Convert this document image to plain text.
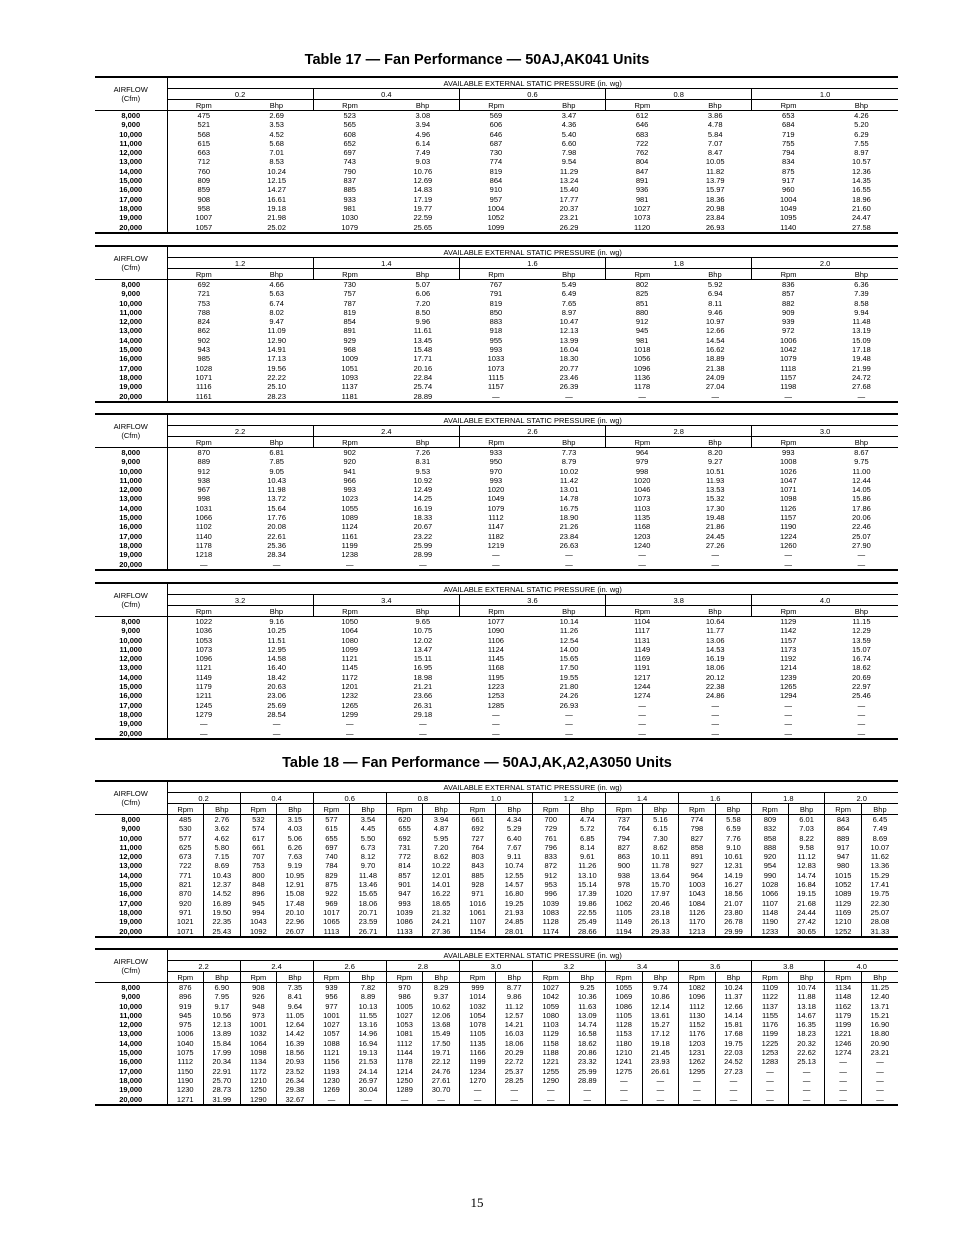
Table 17 — Fan Performance — 50AJ,AK041 Units
AIRFLOW
(Cfm)	AVAILABLE EXTERNAL STATIC PRESSURE (in. wg)									
	0.2		0.4		0.6		0.8		1.0	
	Rpm	Bhp	Rpm	Bhp	Rpm	Bhp	Rpm	Bhp	Rpm	Bhp
8,000	475	2.69	523	3.08	569	3.47	612	3.86	653	4.26
9,000	521	3.53	565	3.94	606	4.36	646	4.78	684	5.20
10,000	568	4.52	608	4.96	646	5.40	683	5.84	719	6.29
11,000	615	5.68	652	6.14	687	6.60	722	7.07	755	7.55
12,000	663	7.01	697	7.49	730	7.98	762	8.47	794	8.97
13,000	712	8.53	743	9.03	774	9.54	804	10.05	834	10.57
14,000	760	10.24	790	10.76	819	11.29	847	11.82	875	12.36
15,000	809	12.15	837	12.69	864	13.24	891	13.79	917	14.35
16,000	859	14.27	885	14.83	910	15.40	936	15.97	960	16.55
17,000	908	16.61	933	17.19	957	17.77	981	18.36	1004	18.96
18,000	958	19.18	981	19.77	1004	20.37	1027	20.98	1049	21.60
19,000	1007	21.98	1030	22.59	1052	23.21	1073	23.84	1095	24.47
20,000	1057	25.02	1079	25.65	1099	26.29	1120	26.93	1140	27.58
AIRFLOW
(Cfm)	AVAILABLE EXTERNAL STATIC PRESSURE (in. wg)									
	1.2		1.4		1.6		1.8		2.0	
	Rpm	Bhp	Rpm	Bhp	Rpm	Bhp	Rpm	Bhp	Rpm	Bhp
8,000	692	4.66	730	5.07	767	5.49	802	5.92	836	6.36
9,000	721	5.63	757	6.06	791	6.49	825	6.94	857	7.39
10,000	753	6.74	787	7.20	819	7.65	851	8.11	882	8.58
11,000	788	8.02	819	8.50	850	8.97	880	9.46	909	9.94
12,000	824	9.47	854	9.96	883	10.47	912	10.97	939	11.48
13,000	862	11.09	891	11.61	918	12.13	945	12.66	972	13.19
14,000	902	12.90	929	13.45	955	13.99	981	14.54	1006	15.09
15,000	943	14.91	968	15.48	993	16.04	1018	16.62	1042	17.18
16,000	985	17.13	1009	17.71	1033	18.30	1056	18.89	1079	19.48
17,000	1028	19.56	1051	20.16	1073	20.77	1096	21.38	1118	21.99
18,000	1071	22.22	1093	22.84	1115	23.46	1136	24.09	1157	24.72
19,000	1116	25.10	1137	25.74	1157	26.39	1178	27.04	1198	27.68
20,000	1161	28.23	1181	28.89	—	—	—	—	—	—
AIRFLOW
(Cfm)	AVAILABLE EXTERNAL STATIC PRESSURE (in. wg)									
	2.2		2.4		2.6		2.8		3.0	
	Rpm	Bhp	Rpm	Bhp	Rpm	Bhp	Rpm	Bhp	Rpm	Bhp
8,000	870	6.81	902	7.26	933	7.73	964	8.20	993	8.67
9,000	889	7.85	920	8.31	950	8.79	979	9.27	1008	9.75
10,000	912	9.05	941	9.53	970	10.02	998	10.51	1026	11.00
11,000	938	10.43	966	10.92	993	11.42	1020	11.93	1047	12.44
12,000	967	11.98	993	12.49	1020	13.01	1046	13.53	1071	14.05
13,000	998	13.72	1023	14.25	1049	14.78	1073	15.32	1098	15.86
14,000	1031	15.64	1055	16.19	1079	16.75	1103	17.30	1126	17.86
15,000	1066	17.76	1089	18.33	1112	18.90	1135	19.48	1157	20.06
16,000	1102	20.08	1124	20.67	1147	21.26	1168	21.86	1190	22.46
17,000	1140	22.61	1161	23.22	1182	23.84	1203	24.45	1224	25.07
18,000	1178	25.36	1199	25.99	1219	26.63	1240	27.26	1260	27.90
19,000	1218	28.34	1238	28.99	—	—	—	—	—	—
20,000	—	—	—	—	—	—	—	—	—	—
AIRFLOW
(Cfm)	AVAILABLE EXTERNAL STATIC PRESSURE (in. wg)									
	3.2		3.4		3.6		3.8		4.0	
	Rpm	Bhp	Rpm	Bhp	Rpm	Bhp	Rpm	Bhp	Rpm	Bhp
8,000	1022	9.16	1050	9.65	1077	10.14	1104	10.64	1129	11.15
9,000	1036	10.25	1064	10.75	1090	11.26	1117	11.77	1142	12.29
10,000	1053	11.51	1080	12.02	1106	12.54	1131	13.06	1157	13.59
11,000	1073	12.95	1099	13.47	1124	14.00	1149	14.53	1173	15.07
12,000	1096	14.58	1121	15.11	1145	15.65	1169	16.19	1192	16.74
13,000	1121	16.40	1145	16.95	1168	17.50	1191	18.06	1214	18.62
14,000	1149	18.42	1172	18.98	1195	19.55	1217	20.12	1239	20.69
15,000	1179	20.63	1201	21.21	1223	21.80	1244	22.38	1265	22.97
16,000	1211	23.06	1232	23.66	1253	24.26	1274	24.86	1294	25.46
17,000	1245	25.69	1265	26.31	1285	26.93	—	—	—	—
18,000	1279	28.54	1299	29.18	—	—	—	—	—	—
19,000	—	—	—	—	—	—	—	—	—	—
20,000	—	—	—	—	—	—	—	—	—	—
Table 18 — Fan Performance — 50AJ,AK,A2,A3050 Units
AIRFLOW
(Cfm)	AVAILABLE EXTERNAL STATIC PRESSURE (in. wg)																			
	0.2		0.4		0.6		0.8		1.0		1.2		1.4		1.6		1.8		2.0	
	Rpm	Bhp	Rpm	Bhp	Rpm	Bhp	Rpm	Bhp	Rpm	Bhp	Rpm	Bhp	Rpm	Bhp	Rpm	Bhp	Rpm	Bhp	Rpm	Bhp
8,000	485	2.76	532	3.15	577	3.54	620	3.94	661	4.34	700	4.74	737	5.16	774	5.58	809	6.01	843	6.45
9,000	530	3.62	574	4.03	615	4.45	655	4.87	692	5.29	729	5.72	764	6.15	798	6.59	832	7.03	864	7.49
10,000	577	4.62	617	5.06	655	5.50	692	5.95	727	6.40	761	6.85	794	7.30	827	7.76	858	8.22	889	8.69
11,000	625	5.80	661	6.26	697	6.73	731	7.20	764	7.67	796	8.14	827	8.62	858	9.10	888	9.58	917	10.07
12,000	673	7.15	707	7.63	740	8.12	772	8.62	803	9.11	833	9.61	863	10.11	891	10.61	920	11.12	947	11.62
13,000	722	8.69	753	9.19	784	9.70	814	10.22	843	10.74	872	11.26	900	11.78	927	12.31	954	12.83	980	13.36
14,000	771	10.43	800	10.95	829	11.48	857	12.01	885	12.55	912	13.10	938	13.64	964	14.19	990	14.74	1015	15.29
15,000	821	12.37	848	12.91	875	13.46	901	14.01	928	14.57	953	15.14	978	15.70	1003	16.27	1028	16.84	1052	17.41
16,000	870	14.52	896	15.08	922	15.65	947	16.22	971	16.80	996	17.39	1020	17.97	1043	18.56	1066	19.15	1089	19.75
17,000	920	16.89	945	17.48	969	18.06	993	18.65	1016	19.25	1039	19.86	1062	20.46	1084	21.07	1107	21.68	1129	22.30
18,000	971	19.50	994	20.10	1017	20.71	1039	21.32	1061	21.93	1083	22.55	1105	23.18	1126	23.80	1148	24.44	1169	25.07
19,000	1021	22.35	1043	22.96	1065	23.59	1086	24.21	1107	24.85	1128	25.49	1149	26.13	1170	26.78	1190	27.42	1210	28.08
20,000	1071	25.43	1092	26.07	1113	26.71	1133	27.36	1154	28.01	1174	28.66	1194	29.33	1213	29.99	1233	30.65	1252	31.33
AIRFLOW
(Cfm)	AVAILABLE EXTERNAL STATIC PRESSURE (in. wg)																			
	2.2		2.4		2.6		2.8		3.0		3.2		3.4		3.6		3.8		4.0	
	Rpm	Bhp	Rpm	Bhp	Rpm	Bhp	Rpm	Bhp	Rpm	Bhp	Rpm	Bhp	Rpm	Bhp	Rpm	Bhp	Rpm	Bhp	Rpm	Bhp
8,000	876	6.90	908	7.35	939	7.82	970	8.29	999	8.77	1027	9.25	1055	9.74	1082	10.24	1109	10.74	1134	11.25
9,000	896	7.95	926	8.41	956	8.89	986	9.37	1014	9.86	1042	10.36	1069	10.86	1096	11.37	1122	11.88	1148	12.40
10,000	919	9.17	948	9.64	977	10.13	1005	10.62	1032	11.12	1059	11.63	1086	12.14	1112	12.66	1137	13.18	1162	13.71
11,000	945	10.56	973	11.05	1001	11.55	1027	12.06	1054	12.57	1080	13.09	1105	13.61	1130	14.14	1155	14.67	1179	15.21
12,000	975	12.13	1001	12.64	1027	13.16	1053	13.68	1078	14.21	1103	14.74	1128	15.27	1152	15.81	1176	16.35	1199	16.90
13,000	1006	13.89	1032	14.42	1057	14.96	1081	15.49	1105	16.03	1129	16.58	1153	17.12	1176	17.68	1199	18.23	1221	18.80
14,000	1040	15.84	1064	16.39	1088	16.94	1112	17.50	1135	18.06	1158	18.62	1180	19.18	1203	19.75	1225	20.32	1246	20.90
15,000	1075	17.99	1098	18.56	1121	19.13	1144	19.71	1166	20.29	1188	20.86	1210	21.45	1231	22.03	1253	22.62	1274	23.21
16,000	1112	20.34	1134	20.93	1156	21.53	1178	22.12	1199	22.72	1221	23.32	1241	23.93	1262	24.52	1283	25.13	—	—
17,000	1150	22.91	1172	23.52	1193	24.14	1214	24.76	1234	25.37	1255	25.99	1275	26.61	1295	27.23	—	—	—	—
18,000	1190	25.70	1210	26.34	1230	26.97	1250	27.61	1270	28.25	1290	28.89	—	—	—	—	—	—	—	—
19,000	1230	28.73	1250	29.38	1269	30.04	1289	30.70	—	—	—	—	—	—	—	—	—	—	—	—
20,000	1271	31.99	1290	32.67	—	—	—	—	—	—	—	—	—	—	—	—	—	—	—	—
15
